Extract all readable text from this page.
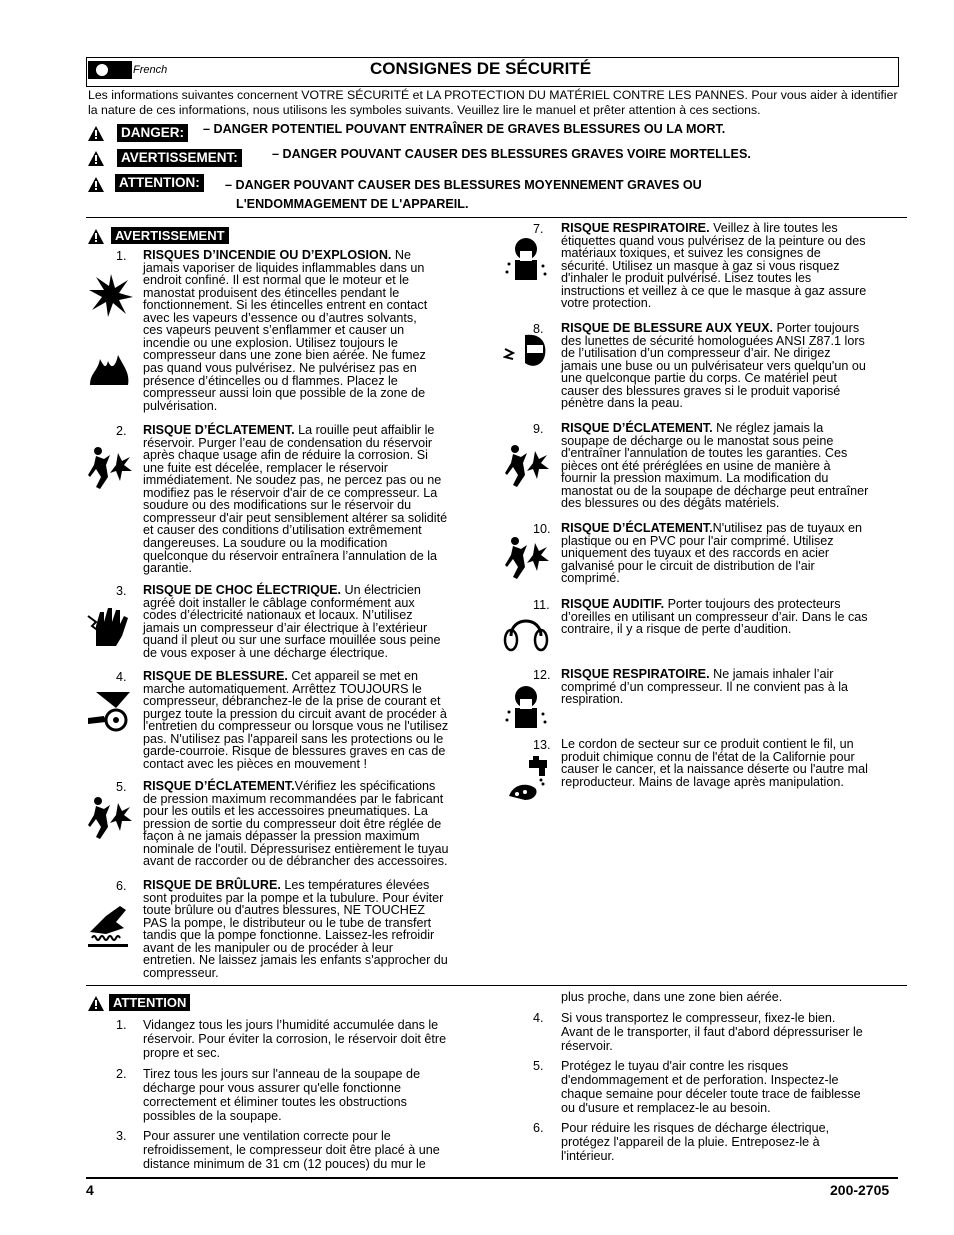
French	CONSIGNES DE SÉCURITÉ
Les informations suivantes concernent VOTRE SÉCURITÉ et LA PROTECTION DU MATÉRIEL CONTRE LES PANNES. Pour vous aider à identifier la nature de ces informations, nous utilisons les symboles suivants. Veuillez lire le manuel et prêter attention à ces sections.
DANGER:	– DANGER POTENTIEL POUVANT ENTRAÎNER DE GRAVES BLESSURES OU LA MORT.
AVERTISSEMENT:	– DANGER POUVANT CAUSER DES BLESSURES GRAVES VOIRE MORTELLES.
ATTENTION:	– DANGER POUVANT CAUSER DES BLESSURES MOYENNEMENT GRAVES OU
L'ENDOMMAGEMENT DE L'APPAREIL.
AVERTISSEMENT
1. RISQUES D’INCENDIE OU D’EXPLOSION. Ne
jamais vaporiser de liquides inflammables dans un
endroit confiné. Il est normal que le moteur et le
manostat produisent des étincelles pendant le
fonctionnement. Si les étincelles entrent en contact
avec les vapeurs d’essence ou d’autres solvants,
ces vapeurs peuvent s’enflammer et causer un
incendie ou une explosion. Utilisez toujours le
compresseur dans une zone bien aérée. Ne fumez
pas quand vous pulvérisez. Ne pulvérisez pas en
présence d’étincelles ou d flammes. Placez le
compresseur aussi loin que possible de la zone de
pulvérisation.
2. RISQUE D’ÉCLATEMENT. La rouille peut affaiblir le
réservoir. Purger l’eau de condensation du réservoir
après chaque usage afin de réduire la corrosion. Si
une fuite est décelée, remplacer le réservoir
immédiatement. Ne soudez pas, ne percez pas ou ne
modifiez pas le réservoir d'air de ce compresseur. La
soudure ou des modifications sur le réservoir du
compresseur d'air peut sensiblement altérer sa solidité
et causer des conditions d’utilisation extrêmement
dangereuses. La soudure ou la modification
quelconque du réservoir entraînera l’annulation de la
garantie.
3. RISQUE DE CHOC ÉLECTRIQUE. Un électricien
agréé doit installer le câblage conformément aux
codes d’électricité nationaux et locaux. N’utilisez
jamais un compresseur d’air électrique à l’extérieur
quand il pleut ou sur une surface mouillée sous peine
de vous exposer à une décharge électrique.
4. RISQUE DE BLESSURE. Cet appareil se met en
marche automatiquement. Arrêttez TOUJOURS le
compresseur, débranchez-le de la prise de courant et
purgez toute la pression du circuit avant de procéder à
l'entretien du compresseur ou lorsque vous ne l'utilisez
pas. N'utilisez pas l'appareil sans les protections ou le
garde-courroie. Risque de blessures graves en cas de
contact avec les pièces en mouvement !
5. RISQUE D’ÉCLATEMENT.Vérifiez les spécifications
de pression maximum recommandées par le fabricant
pour les outils et les accessoires pneumatiques. La
pression de sortie du compresseur doit être réglée de
façon à ne jamais dépasser la pression maximum
nominale de l'outil. Dépressurisez entièrement le tuyau
avant de raccorder ou de débrancher des accessoires.
6. RISQUE DE BRÛLURE. Les températures élevées
sont produites par la pompe et la tubulure. Pour éviter
toute brûlure ou d'autres blessures, NE TOUCHEZ
PAS la pompe, le distributeur ou le tube de transfert
tandis que la pompe fonctionne. Laissez-les refroidir
avant de les manipuler ou de procéder à leur
entretien. Ne laissez jamais les enfants s'approcher du
compresseur.
7. RISQUE RESPIRATOIRE. Veillez à lire toutes les
étiquettes quand vous pulvérisez de la peinture ou des
matériaux toxiques, et suivez les consignes de
sécurité. Utilisez un masque à gaz si vous risquez
d'inhaler le produit pulvérisé. Lisez toutes les
instructions et veillez à ce que le masque à gaz assure
votre protection.
8. RISQUE DE BLESSURE AUX YEUX. Porter toujours
des lunettes de sécurité homologuées ANSI Z87.1 lors
de l’utilisation d’un compresseur d’air. Ne dirigez
jamais une buse ou un pulvérisateur vers quelqu'un ou
une quelconque partie du corps. Ce matériel peut
causer des blessures graves si le produit vaporisé
pénètre dans la peau.
9. RISQUE D’ÉCLATEMENT. Ne réglez jamais la
soupape de décharge ou le manostat sous peine
d'entraîner l'annulation de toutes les garanties. Ces
pièces ont été préréglées en usine de manière à
fournir la pression maximum. La modification du
manostat ou de la soupape de décharge peut entraîner
des blessures ou des dégâts matériels.
10. RISQUE D’ÉCLATEMENT.N'utilisez pas de tuyaux en
plastique ou en PVC pour l'air comprimé. Utilisez
uniquement des tuyaux et des raccords en acier
galvanisé pour le circuit de distribution de l'air
comprimé.
11. RISQUE AUDITIF. Porter toujours des protecteurs
d’oreilles en utilisant un compresseur d’air. Dans le cas
contraire, il y a risque de perte d’audition.
12. RISQUE RESPIRATOIRE. Ne jamais inhaler l’air
comprimé d’un compresseur. Il ne convient pas à la
respiration.
13. Le cordon de secteur sur ce produit contient le fil, un
produit chimique connu de l'état de la Californie pour
causer le cancer, et la naissance déserte ou l'autre mal
reproducteur. Mains de lavage après manipulation.
ATTENTION
1. Vidangez tous les jours l’humidité accumulée dans le
réservoir. Pour éviter la corrosion, le réservoir doit être
propre et sec.
2. Tirez tous les jours sur l'anneau de la soupape de
décharge pour vous assurer qu'elle fonctionne
correctement et éliminer toutes les obstructions
possibles de la soupape.
3. Pour assurer une ventilation correcte pour le
refroidissement, le compresseur doit être placé à une
distance minimum de 31 cm (12 pouces) du mur le
plus proche, dans une zone bien aérée.
4. Si vous transportez le compresseur, fixez-le bien.
Avant de le transporter, il faut d'abord dépressuriser le
réservoir.
5. Protégez le tuyau d'air contre les risques
d'endommagement et de perforation. Inspectez-le
chaque semaine pour déceler toute trace de faiblesse
ou d'usure et remplacez-le au besoin.
6. Pour réduire les risques de décharge électrique,
protégez l'appareil de la pluie. Entreposez-le à
l'intérieur.
4	200-2705
